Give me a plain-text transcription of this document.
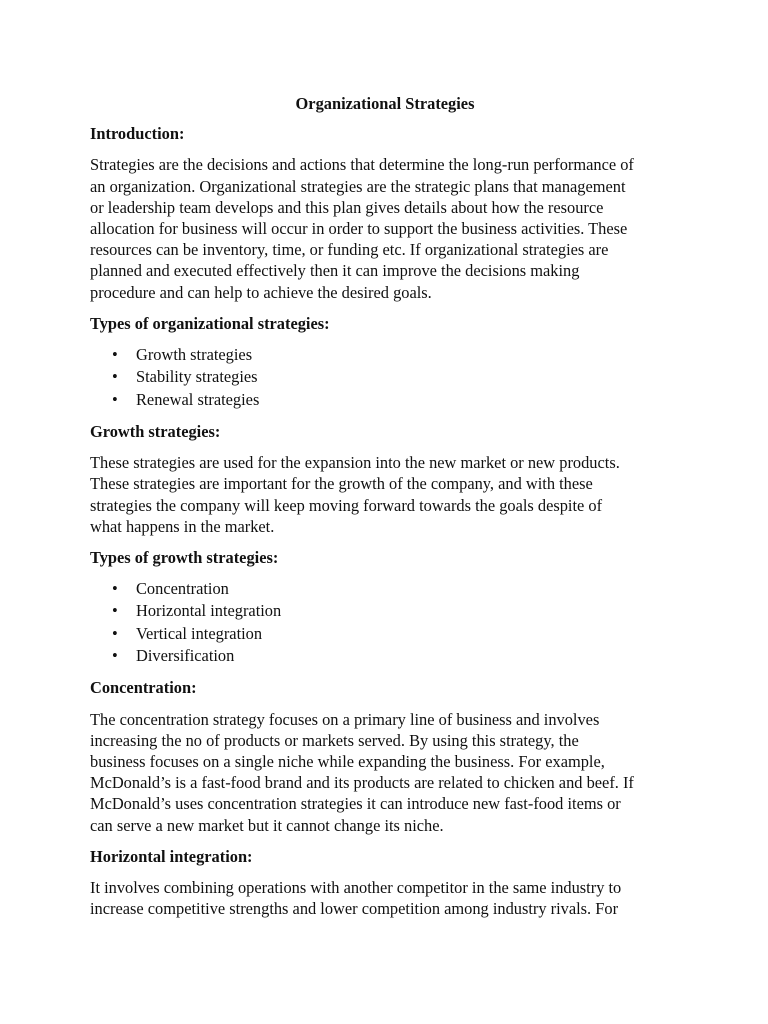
Organizational Strategies
Introduction:
Strategies are the decisions and actions that determine the long-run performance of
an organization. Organizational strategies are the strategic plans that management
or leadership team develops and this plan gives details about how the resource
allocation for business will occur in order to support the business activities. These
resources can be inventory, time, or funding etc. If organizational strategies are
planned and executed effectively then it can improve the decisions making
procedure and can help to achieve the desired goals.
Types of organizational strategies:
• Growth strategies
• Stability strategies
• Renewal strategies
Growth strategies:
These strategies are used for the expansion into the new market or new products.
These strategies are important for the growth of the company, and with these
strategies the company will keep moving forward towards the goals despite of
what happens in the market.
Types of growth strategies:
• Concentration
• Horizontal integration
• Vertical integration
• Diversification
Concentration:
The concentration strategy focuses on a primary line of business and involves
increasing the no of products or markets served. By using this strategy, the
business focuses on a single niche while expanding the business. For example,
McDonald’s is a fast-food brand and its products are related to chicken and beef. If
McDonald’s uses concentration strategies it can introduce new fast-food items or
can serve a new market but it cannot change its niche.
Horizontal integration:
It involves combining operations with another competitor in the same industry to
increase competitive strengths and lower competition among industry rivals. For
